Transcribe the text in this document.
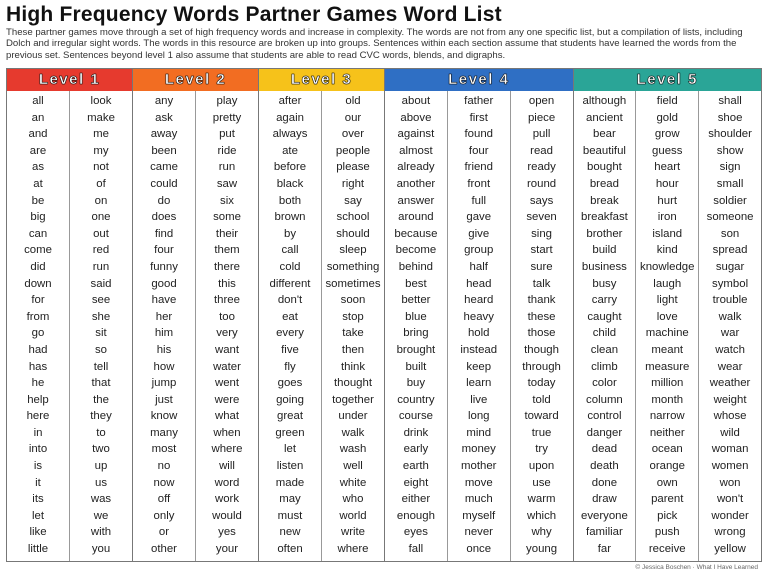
High Frequency Words Partner Games Word List
These partner games move through a set of high frequency words and increase in complexity. The words are not from any one specific list, but a compilation of lists, including Dolch and irregular sight words. The words in this resource are broken up into groups. Sentences within each section assume that students have learned the words from the previous set. Sentences beyond level 1 also assume that students are able to read CVC words, blends, and digraphs.
Level 1
all
an
and
are
as
at
be
big
can
come
did
down
for
from
go
had
has
he
help
here
in
into
is
it
its
let
like
little
look
make
me
my
not
of
on
one
out
red
run
said
see
she
sit
so
tell
that
the
they
to
two
up
us
was
we
with
you
Level 2
any
ask
away
been
came
could
do
does
find
four
funny
good
have
her
him
his
how
jump
just
know
many
most
no
now
off
only
or
other
play
pretty
put
ride
run
saw
six
some
their
them
there
this
three
too
very
want
water
went
were
what
when
where
will
word
work
would
yes
your
Level 3
after
again
always
ate
before
black
both
brown
by
call
cold
different
don't
eat
every
five
fly
goes
going
great
green
let
listen
made
may
must
new
often
old
our
over
people
please
right
say
school
should
sleep
something
sometimes
soon
stop
take
then
think
thought
together
under
walk
wash
well
white
who
world
write
where
Level 4
about
above
against
almost
already
another
answer
around
because
become
behind
best
better
blue
bring
brought
built
buy
country
course
drink
early
earth
eight
either
enough
eyes
fall
father
first
found
four
friend
front
full
gave
give
group
half
head
heard
heavy
hold
instead
keep
learn
live
long
mind
money
mother
move
much
myself
never
once
open
piece
pull
read
ready
round
says
seven
sing
start
sure
talk
thank
these
those
though
through
today
told
toward
true
try
upon
use
warm
which
why
young
Level 5
although
ancient
bear
beautiful
bought
bread
break
breakfast
brother
build
business
busy
carry
caught
child
clean
climb
color
column
control
danger
dead
death
done
draw
everyone
familiar
far
field
gold
grow
guess
heart
hour
hurt
iron
island
kind
knowledge
laugh
light
love
machine
meant
measure
million
month
narrow
neither
ocean
orange
own
parent
pick
push
receive
shall
shoe
shoulder
show
sign
small
soldier
someone
son
spread
sugar
symbol
trouble
walk
war
watch
wear
weather
weight
whose
wild
woman
women
won
won't
wonder
wrong
yellow
© Jessica Boschen · What I Have Learned
